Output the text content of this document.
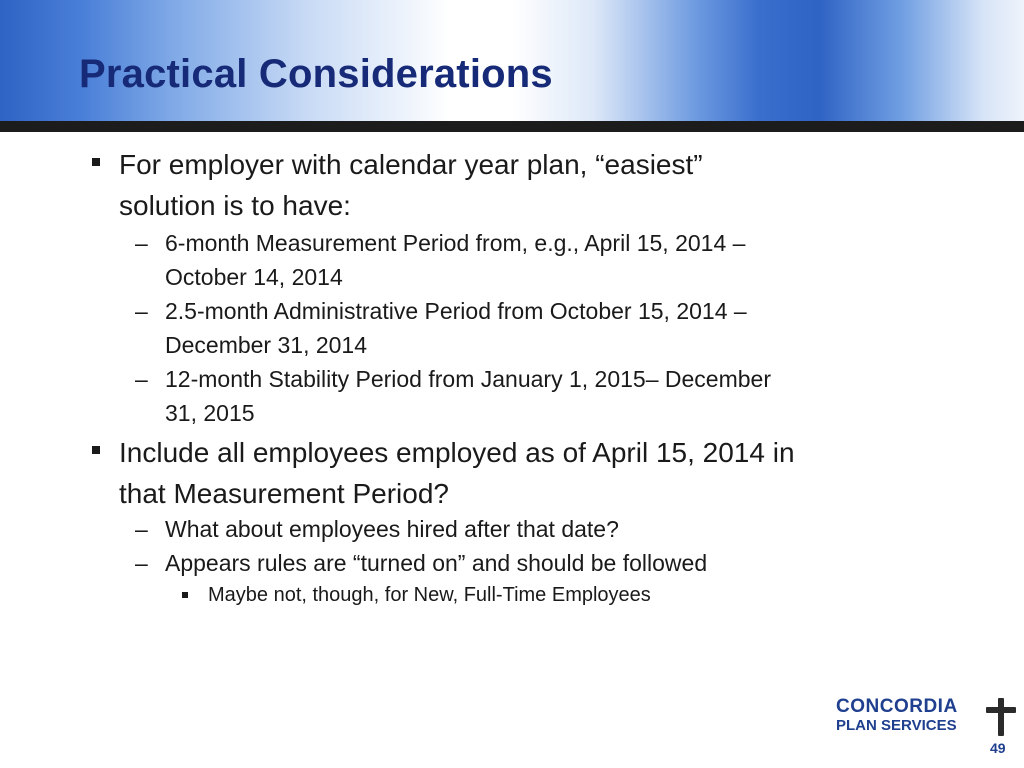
Practical Considerations
For employer with calendar year plan, “easiest”
solution is to have:
– 6-month Measurement Period from, e.g., April 15, 2014 –
October 14, 2014
– 2.5-month Administrative Period from October 15, 2014 –
December 31, 2014
– 12-month Stability Period from January 1, 2015– December
31, 2015
Include all employees employed as of April 15, 2014 in
that Measurement Period?
– What about employees hired after that date?
– Appears rules are “turned on” and should be followed
Maybe not, though, for New, Full-Time Employees
CONCORDIA
PLAN SERVICES
49
